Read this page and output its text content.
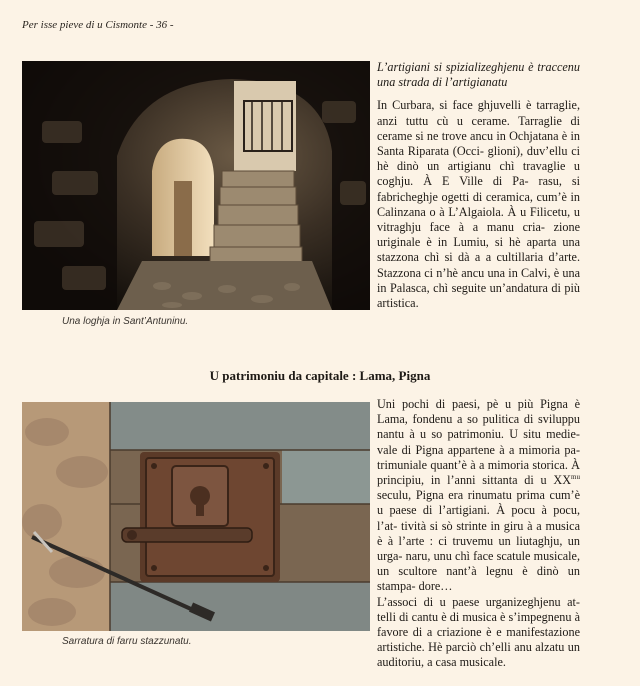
Per isse pieve di u Cismonte - 36 -
Una loghja in Sant’Antuninu.

L’artigiani si spizializeghjenu è traccenu una strada di l’artigianatu

In Curbara, si face ghjuvelli è tarraglie, anzi tuttu cù u cerame. Tarraglie di cerame si ne trove ancu in Ochjatana è in Santa Riparata (Occi- glioni), duv’ellu ci hè dinò un artigianu chì travaglie u coghju. À E Ville di Pa- rasu, si fabricheghje ogetti di ceramica, cum’è in Calinzana o à L’Algaiola. À u Filicetu, u vitraghju face à a manu cria- zione uriginale è in Lumiu, si hè aparta una stazzona chì si dà a a cultillaria d’arte. Stazzona ci n’hè ancu una in Calvi, è una in Palasca, chì seguite un’andatura di più artistica.

U patrimoniu da capitale : Lama, Pigna
Sarratura di farru stazzunatu.

Uni pochi di paesi, pè u più Pigna è Lama, fondenu a so pulitica di sviluppu nantu à u so patrimoniu. U situ medie- vale di Pigna appartene à a mimoria pa- trimuniale quant’è à a mimoria storica. À principiu, in l’anni sittanta di u $XX^{mu}$ seculu, Pigna era rinumatu prima cum’è u paese di l’artigiani. À pocu à pocu, l’at- tività si sò strinte in giru à a musica è à l’arte : ci truvemu un liutaghju, un urga- naru, unu chì face scatule musicale, un scultore nant’à legnu è dinò un stampa- dore…

L’associ di u paese urganizeghjenu at- telli di cantu è di musica è s’impegnenu à favore di a criazione è e manifestazione artistiche. Hè parciò ch’elli anu alzatu un auditoriu, a casa musicale.
